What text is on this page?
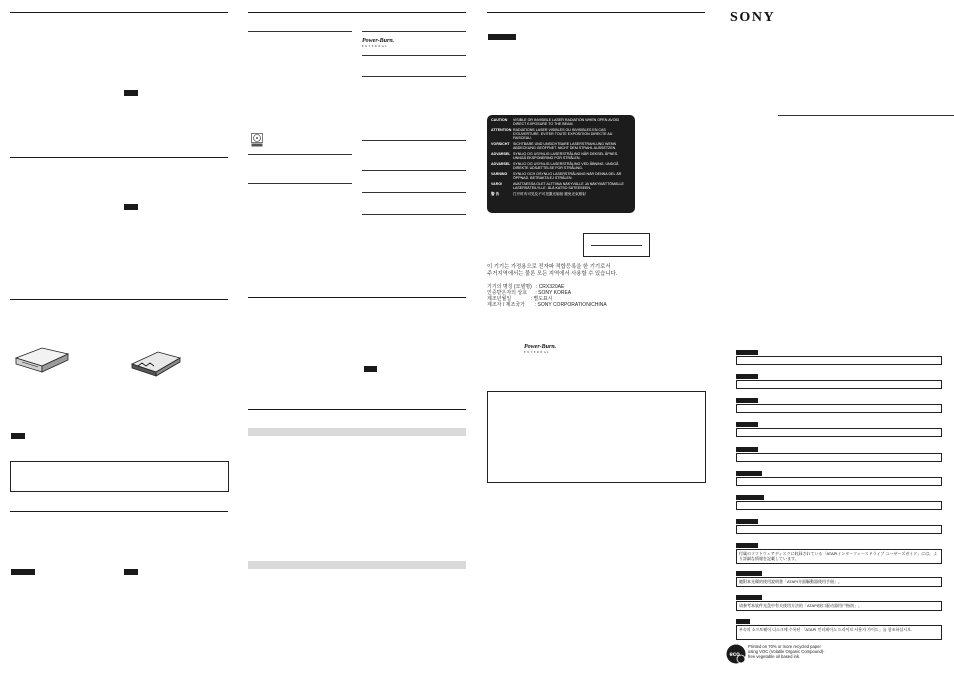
Power-Burn.
EXTERNAL
CAUTION	VISIBLE OR INVISIBLE LASER RADIATION WHEN OPEN AVOID DIRECT EXPOSURE TO THE BEAM.
ATTENTION RADIATIONS LASER VISIBLES OU INVISIBLES EN CAS D'OUVERTURE. EVITER TOUTE EXPOSITION DIRECTE AU FAISCEAU.
VORSICHT SICHTBARE UND UNSICHTBARE LASERSTRAHLUNG WENN ABDECKUNG GEÖFFNET. NICHT DEM STRAHL AUSSETZEN.
ADVARSEL SYNLIG OG USYNLIG LASERSTRÅLING NÅR DEKSEL ÅPNES. UNNGÅ EKSPONERING FOR STRÅLEN.
ADVARSEL SYNLIG OG USYNLIG LASERSTRÅLING VED ÅBNING. UNDGÅ DIREKTE UDSÆTTELSE FOR STRÅLING.
VARNING	SYNLIG OCH OSYNLIG LASERSTRÅLNING NÄR DENNA DEL ÄR ÖPPNAD. BETRAKTA EJ STRÅLEN.
VARO!	AVATTAESSA OLET ALTTIINA NÄKYVÄLLE JA NÄKYMÄTTÖMÄLLE LASERSÄTEILYLLE. ÄLÄ KATSO SÄTEESEEN.
警 告	打开时有可见及不可见激光辐射 避免光束照射
이 기기는 가정용으로 전자파 적합등록을 한 기기로서
주거지역에서는 물론 모든 지역에서 사용할 수 있습니다.
기기의 명칭 (모델명)   : CRX320AE
인증받은자의 상호      : SONY KOREA
제조년월일              : 별도표시
제조자 / 제조국가       : SONY CORPORATION/CHINA
Power-Burn.
EXTERNAL
SONY
付属のソフトウェアディスクに収録されている「ATAPIインターフェースドライブ ユーザーズガイド」には、より詳細な情報を記載しています。
隨附本光碟的使用說明書「ATAPI介面驅動器使用手冊」。
请参考本软件光盘中有关使用方法的「ATAPI接口驱动器用户指南」。
부속의 소프트웨어 디스크에 수록된 「ATAPI 인터페이스 드라이브 사용자 가이드」를 참조하십시오.
eco
Printed on 70% or more recycled paper
using VOC (Volatile Organic Compound)-
free vegetable oil based ink.
